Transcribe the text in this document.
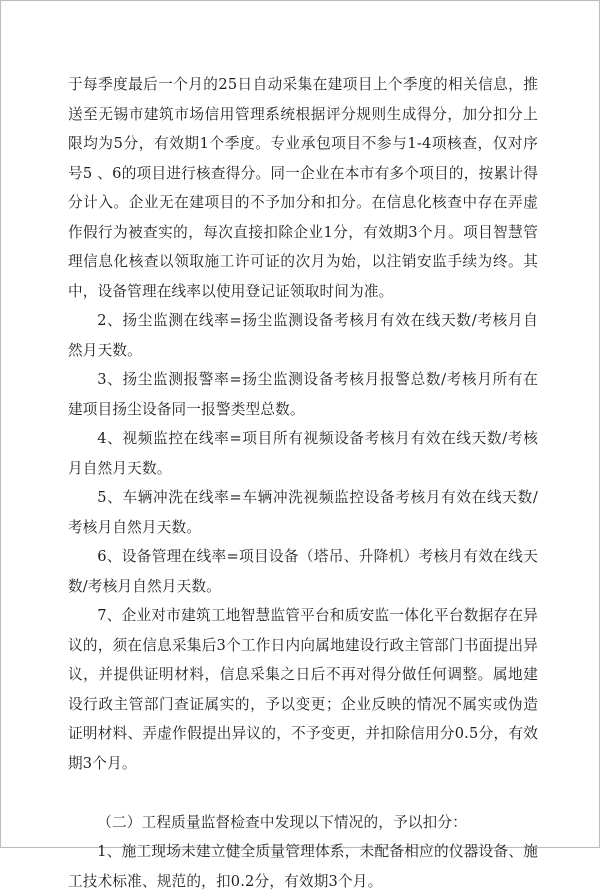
于每季度最后一个月的25日自动采集在建项目上个季度的相关信息，推送至无锡市建筑市场信用管理系统根据评分规则生成得分，加分扣分上限均为5分，有效期1个季度。专业承包项目不参与1-4项核查，仅对序号5 、6的项目进行核查得分。同一企业在本市有多个项目的，按累计得分计入。企业无在建项目的不予加分和扣分。在信息化核查中存在弄虚作假行为被查实的，每次直接扣除企业1分，有效期3个月。项目智慧管理信息化核查以领取施工许可证的次月为始，以注销安监手续为终。其中，设备管理在线率以使用登记证领取时间为准。

2、扬尘监测在线率=扬尘监测设备考核月有效在线天数/考核月自然月天数。

3、扬尘监测报警率=扬尘监测设备考核月报警总数/考核月所有在建项目扬尘设备同一报警类型总数。

4、视频监控在线率=项目所有视频设备考核月有效在线天数/考核月自然月天数。

5、车辆冲洗在线率=车辆冲洗视频监控设备考核月有效在线天数/考核月自然月天数。

6、设备管理在线率=项目设备（塔吊、升降机）考核月有效在线天数/考核月自然月天数。

7、企业对市建筑工地智慧监管平台和质安监一体化平台数据存在异议的，须在信息采集后3个工作日内向属地建设行政主管部门书面提出异议，并提供证明材料，信息采集之日后不再对得分做任何调整。属地建设行政主管部门查证属实的，予以变更；企业反映的情况不属实或伪造证明材料、弄虚作假提出异议的，不予变更，并扣除信用分0.5分，有效期3个月。

（二）工程质量监督检查中发现以下情况的，予以扣分：

1、施工现场未建立健全质量管理体系，未配备相应的仪器设备、施工技术标准、规范的，扣0.2分，有效期3个月。
